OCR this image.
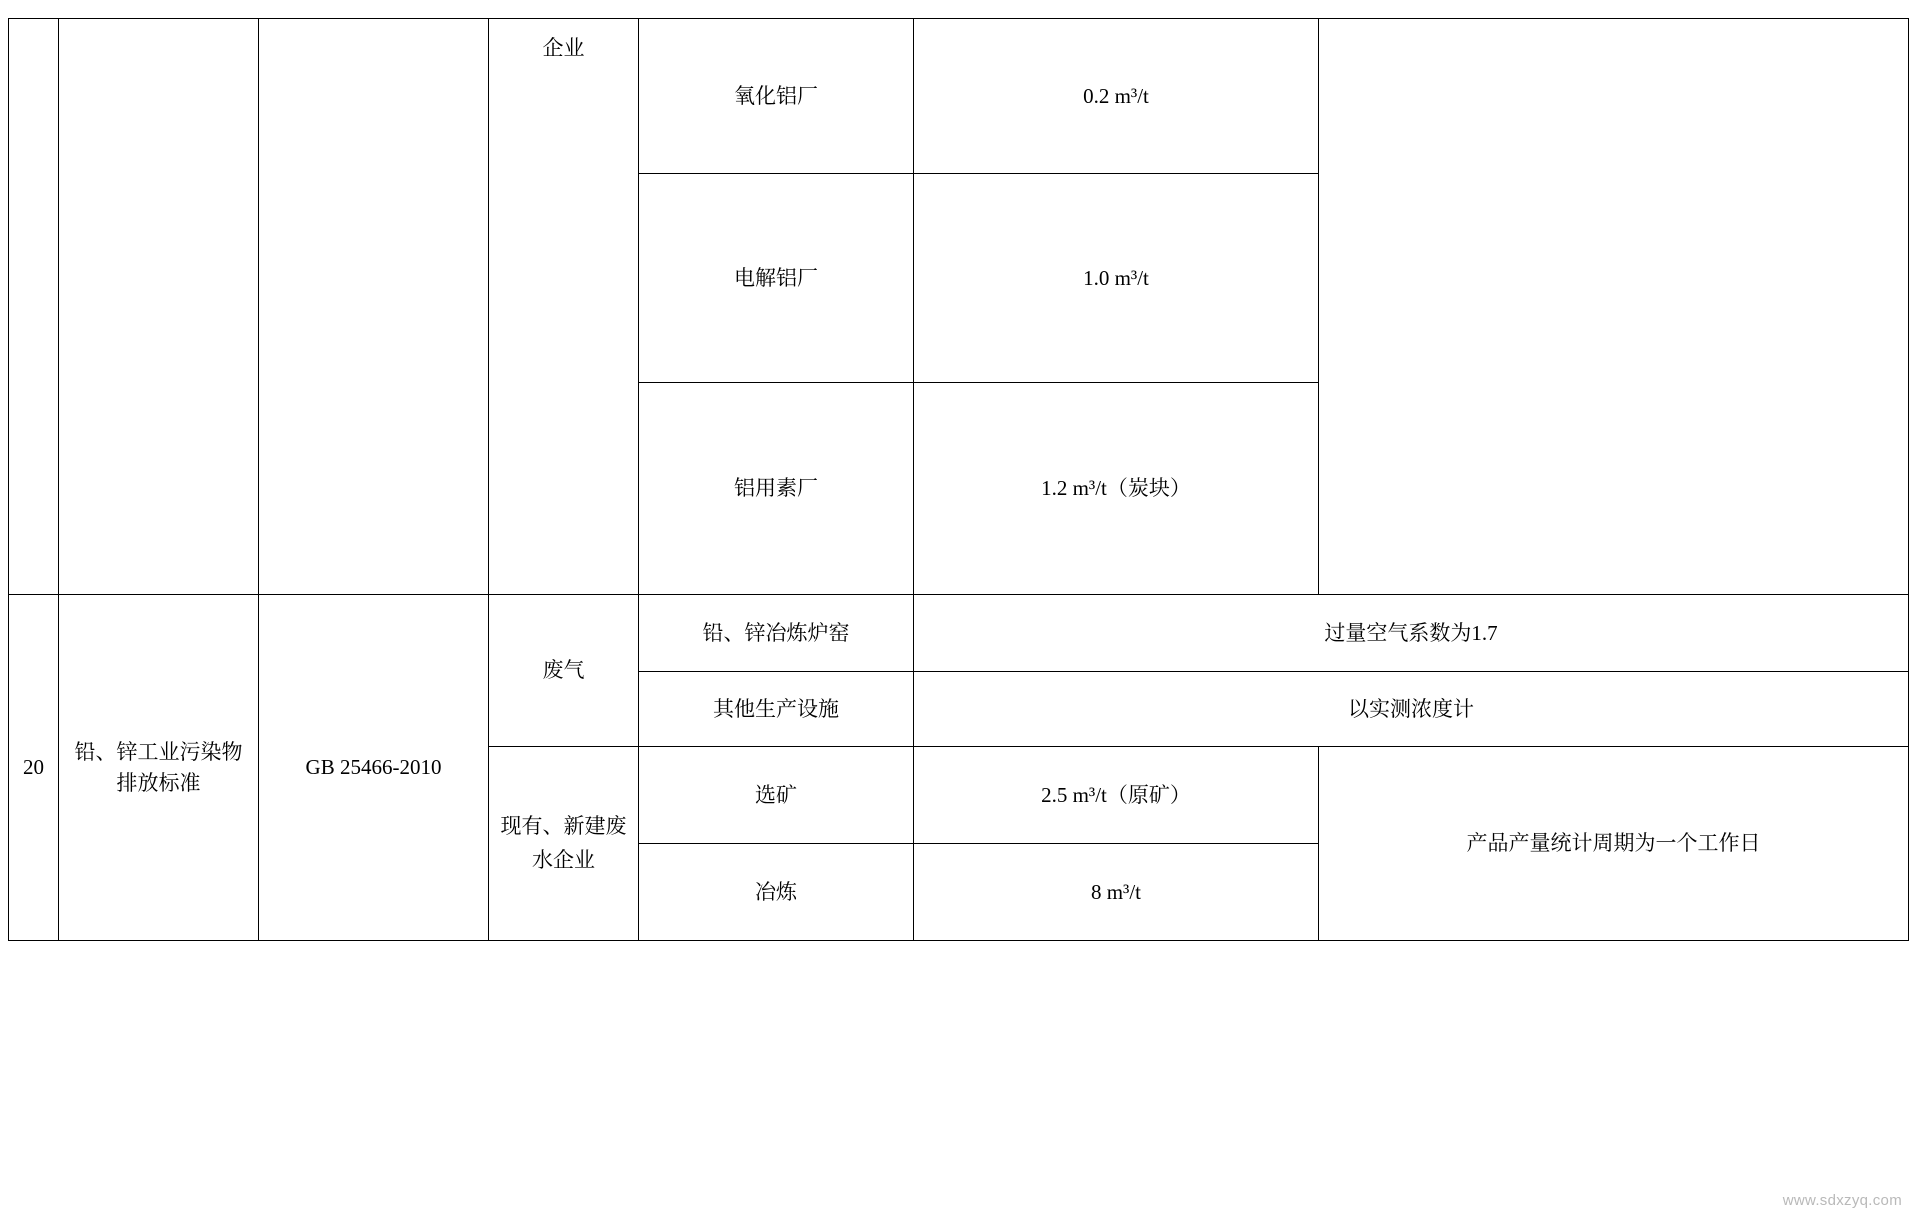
			企业	氧化铝厂	0.2 m³/t	
				电解铝厂	1.0 m³/t	
				铝用素厂	1.2 m³/t（炭块）	
20	铅、锌工业污染物排放标准	GB 25466-2010	废气	铅、锌冶炼炉窑	过量空气系数为1.7	
				其他生产设施	以实测浓度计	
			现有、新建废水企业	选矿	2.5 m³/t（原矿）	产品产量统计周期为一个工作日
				冶炼	8 m³/t	
www.sdxzyq.com
